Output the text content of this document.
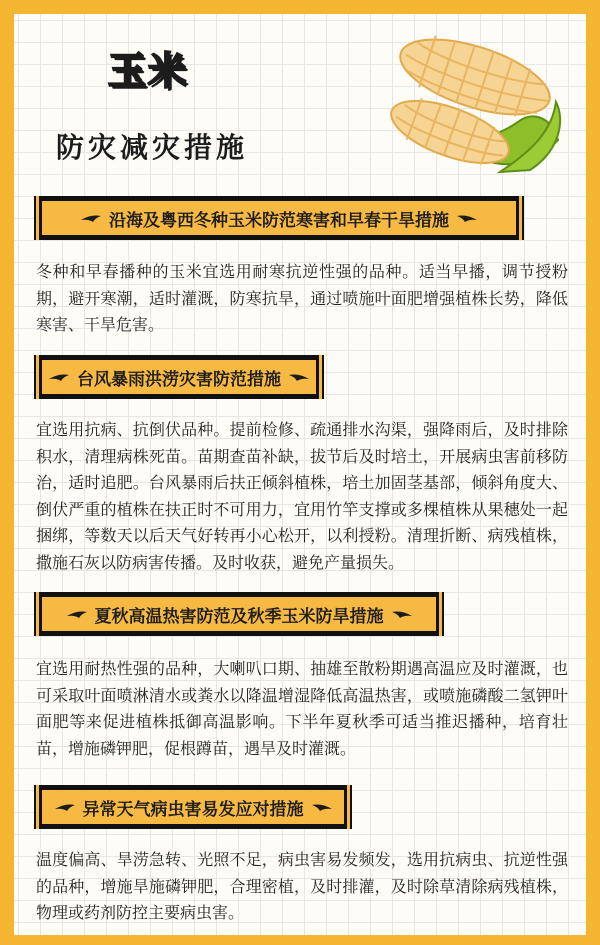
玉米
防灾减灾措施
沿海及粤西冬种玉米防范寒害和早春干旱措施

冬种和早春播种的玉米宜选用耐寒抗逆性强的品种。适当早播，调节授粉期，避开寒潮，适时灌溉，防寒抗旱，通过喷施叶面肥增强植株长势，降低寒害、干旱危害。

台风暴雨洪涝灾害防范措施

宜选用抗病、抗倒伏品种。提前检修、疏通排水沟渠，强降雨后，及时排除积水，清理病株死苗。苗期查苗补缺，拔节后及时培土，开展病虫害前移防治，适时追肥。台风暴雨后扶正倾斜植株，培土加固茎基部，倾斜角度大、倒伏严重的植株在扶正时不可用力，宜用竹竿支撑或多棵植株从果穗处一起捆绑，等数天以后天气好转再小心松开，以利授粉。清理折断、病残植株，撒施石灰以防病害传播。及时收获，避免产量损失。

夏秋高温热害防范及秋季玉米防旱措施

宜选用耐热性强的品种，大喇叭口期、抽雄至散粉期遇高温应及时灌溉，也可采取叶面喷淋清水或粪水以降温增湿降低高温热害，或喷施磷酸二氢钾叶面肥等来促进植株抵御高温影响。下半年夏秋季可适当推迟播种，培育壮苗，增施磷钾肥，促根蹲苗，遇旱及时灌溉。

异常天气病虫害易发应对措施

温度偏高、旱涝急转、光照不足，病虫害易发频发，选用抗病虫、抗逆性强的品种，增施旱施磷钾肥，合理密植，及时排灌，及时除草清除病残植株，物理或药剂防控主要病虫害。
